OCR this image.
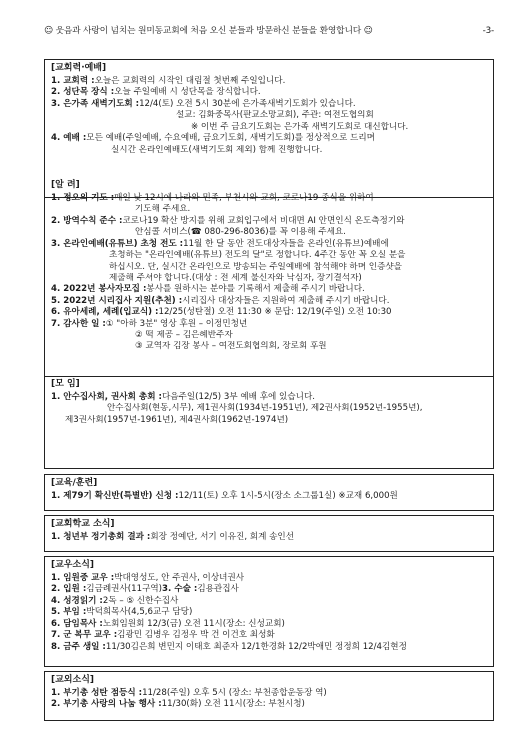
☺ 웃음과 사랑이 넘치는 원미동교회에 처음 오신 분들과 방문하신 분들을 환영합니다 ☺	-3-
[교회력·예배]
1. 교회력 : 오늘은 교회력의 시작인 대림절 첫번째 주일입니다.
2. 성단목 장식 : 오늘 주일예배 시 성단목을 장식합니다.
3. 은가족 새벽기도회 : 12/4(토) 오전 5시 30분에 은가족새벽기도회가 있습니다.
설교: 김화중목사(판교소망교회), 주관: 여전도협의회
※ 이번 주 금요기도회는 은가족 새벽기도회로 대신합니다.
4. 예배 : 모든 예배(주일예배, 수요예배, 금요기도회, 새벽기도회)를 정상적으로 드리며
실시간 온라인예배도(새벽기도회 제외) 함께 진행합니다.
[알 려]
1. 정오의 기도 : 매일 낮 12시에 나라와 민족, 부천시와 교회, 코로나19 종식을 위하여
기도해 주세요.
2. 방역수칙 준수 : 코로나19 확산 방지를 위해 교회입구에서 비대면 AI 안면인식 온도측정기와
안심콜 서비스(☎ 080-296-8036)를 꼭 이용해 주세요.
3. 온라인예배(유튜브) 초청 전도 : 11월 한 달 동안 전도대상자들을 온라인(유튜브)예배에
초청하는 "온라인예배(유튜브) 전도의 달"로 정합니다. 4주간 동안 꼭 오실 분을
하십시오. 단, 실시간 온라인으로 방송되는 주일예배에 참석해야 하며 인증샷을
제출해 주셔야 합니다.(대상 : 전 세계 불신자와 낙심자, 장기결석자)
4. 2022년 봉사자모집 : 봉사를 원하시는 분야를 기록해서 제출해 주시기 바랍니다.
5. 2022년 시리집사 지원(추천) : 시리집사 대상자들은 지원하여 제출해 주시기 바랍니다.
6. 유아세례, 세례(입교식) : 12/25(성탄절) 오전 11:30 ※ 문답: 12/19(주일) 오전 10:30
7. 감사한 일 : ① "아하 3분" 영상 후원 – 이정민청년
② 떡 제공 – 김은혜반주자
③ 교역자 김장 봉사 – 여전도회협의회, 장로회 후원
[모 임]
1. 안수집사회, 권사회 총회 : 다음주일(12/5) 3부 예배 후에 있습니다.
안수집사회(현동,시무), 제1권사회(1934년-1951년), 제2권사회(1952년-1955년),
제3권사회(1957년-1961년), 제4권사회(1962년-1974년)
[교육/훈련]
1. 제79기 확신반(특별반) 신청 : 12/11(토) 오후 1시-5시(장소 소그룹1실) ※교재 6,000원
[교회학교 소식]
1. 청년부 정기총회 결과 : 회장 정예단, 서기 이유진, 회계 송인선
[교우소식]
1. 임원중 교우 : 박대영성도, 안 주권사, 이상녀권사
2. 입원 : 김금례권사(11구역) 3. 수술 : 김용관집사
4. 성경읽기 : 2독 – ⑤ 신한수집사
5. 부임 : 박덕희목사(4,5,6교구 담당)
6. 담임목사 : 노회임원회 12/3(금) 오전 11시(장소: 신성교회)
7. 군 복무 교우 : 김광민 김병우 김정우 박 건 이건호 최성화
8. 금주 생일 : 11/30김은희 변민지 이태호 최준자 12/1한경화 12/2박애민 정정희 12/4김현정
[교외소식]
1. 부기총 성탄 점등식 : 11/28(주일) 오후 5시 (장소: 부천종합운동장 역)
2. 부기총 사랑의 나눔 행사 : 11/30(화) 오전 11시(장소: 부천시청)
